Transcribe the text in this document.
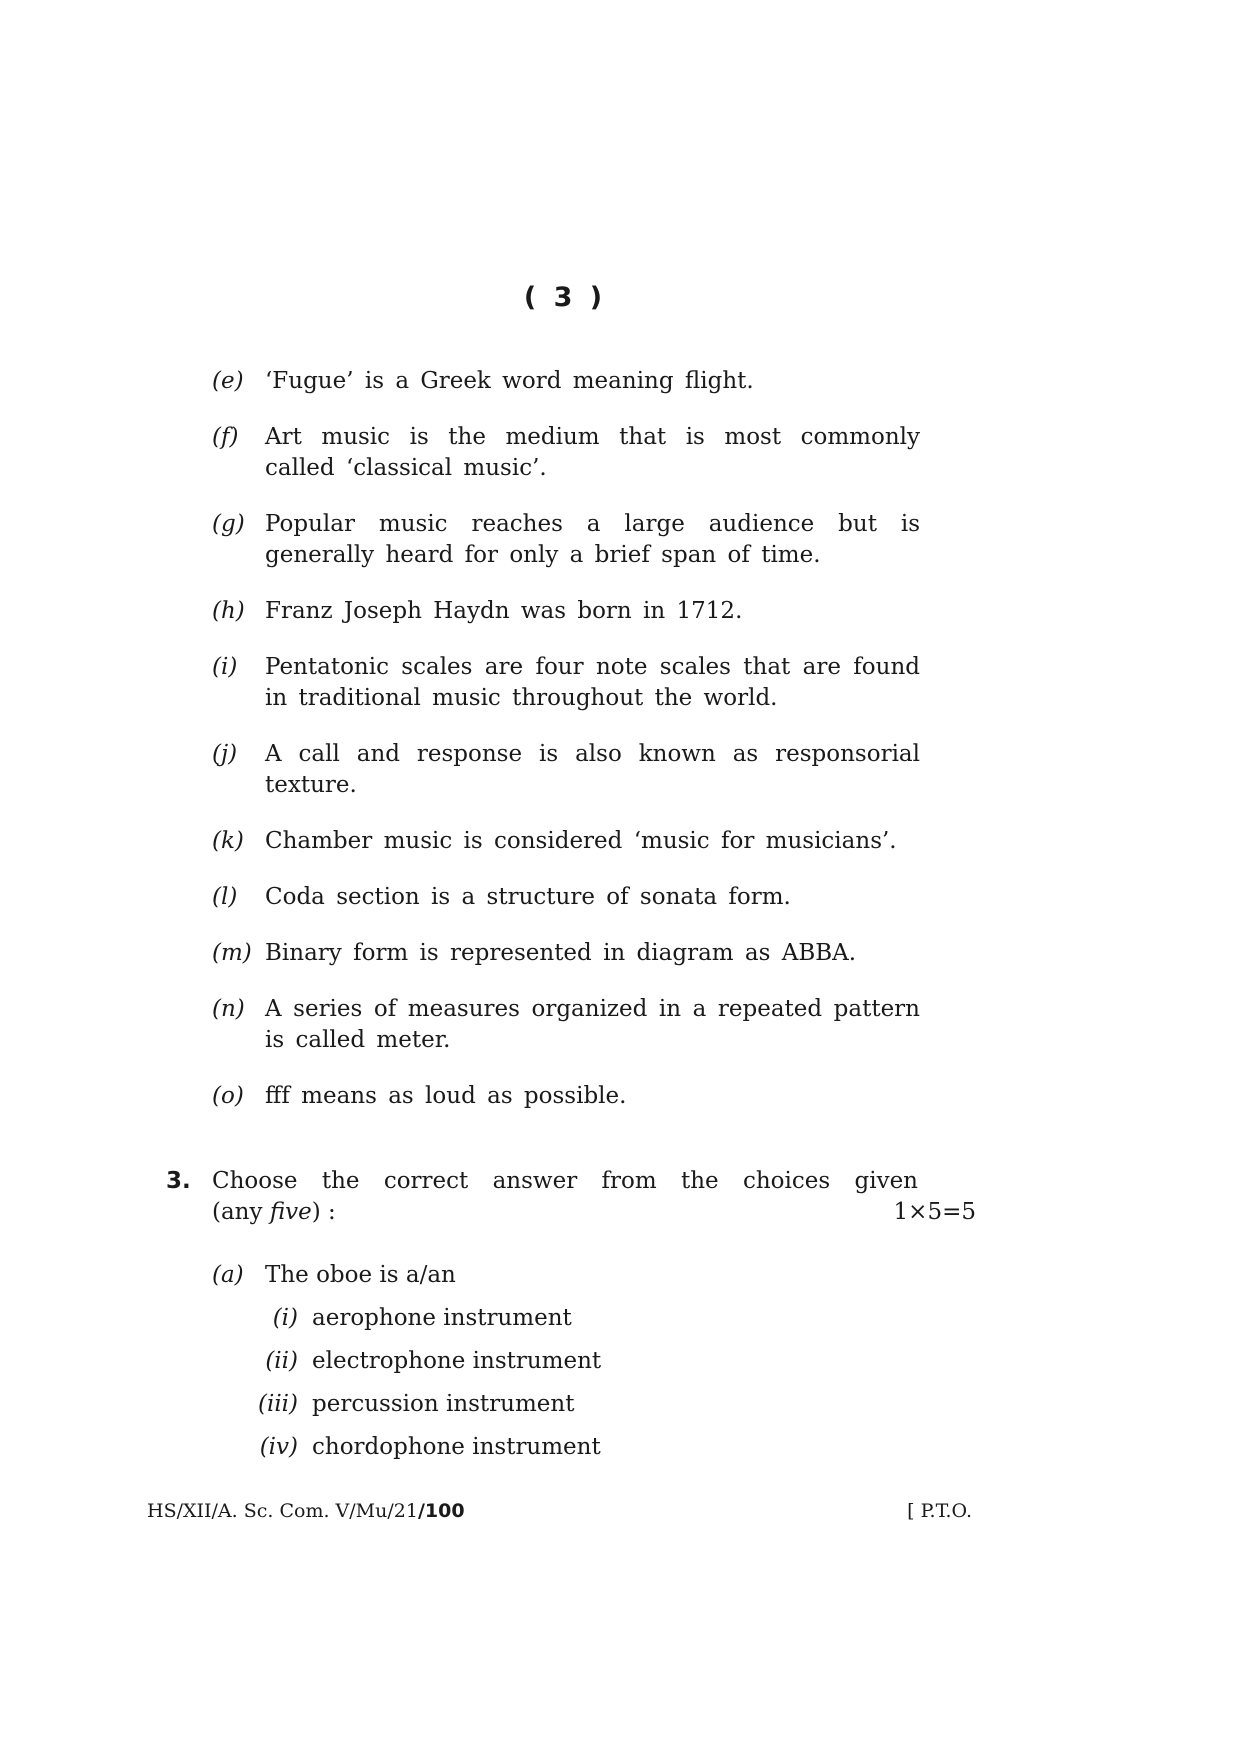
( 3 )
(e) ‘Fugue’ is a Greek word meaning flight.
(f)	Art music is the medium that is most commonly called ‘classical music’.
(g) Popular music reaches a large audience but is generally heard for only a brief span of time.
(h) Franz Joseph Haydn was born in 1712.
(i)	Pentatonic scales are four note scales that are found in traditional music throughout the world.
(j)	A call and response is also known as responsorial texture.
(k) Chamber music is considered ‘music for musicians’.
(l)	Coda section is a structure of sonata form.
(m) Binary form is represented in diagram as ABBA.
(n) A series of measures organized in a repeated pattern is called meter.
(o) fff means as loud as possible.
3. Choose the correct answer from the choices given
(any five) :	1×5=5
(a) The oboe is a/an
(i) aerophone instrument
(ii) electrophone instrument
(iii) percussion instrument
(iv) chordophone instrument
HS/XII/A. Sc. Com. V/Mu/21/100	[ P.T.O.
